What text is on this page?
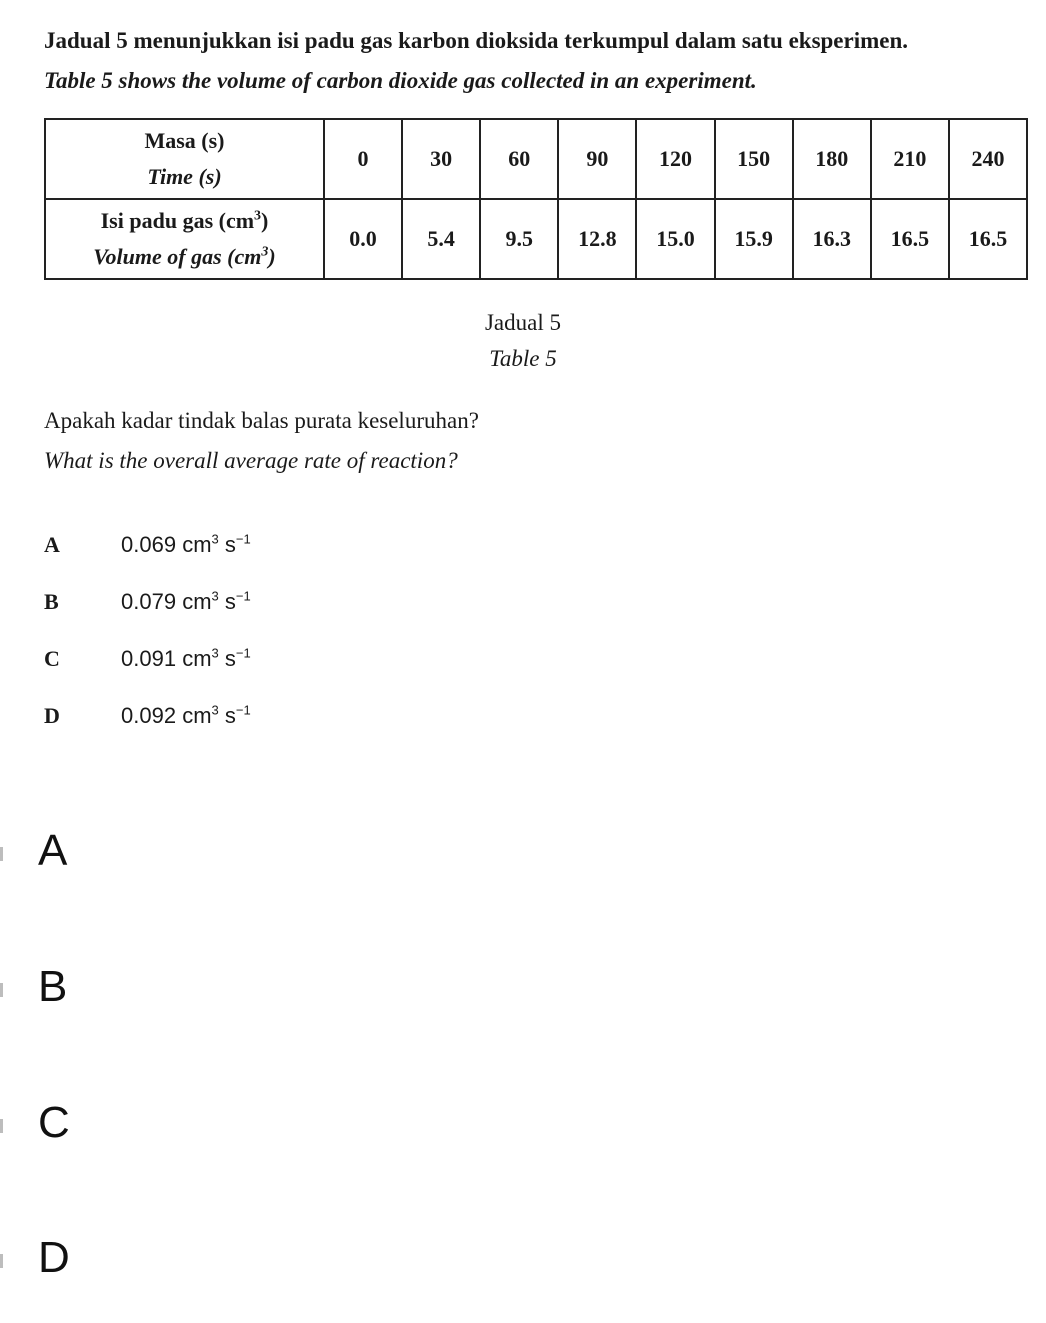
Jadual 5 menunjukkan isi padu gas karbon dioksida terkumpul dalam satu eksperimen.
Table 5 shows the volume of carbon dioxide gas collected in an experiment.
Masa (s)
Time (s)	0	30	60	90	120	150	180	210	240
Isi padu gas $(cm^3)$
Volume of gas $(cm^3)$	0.0	5.4	9.5	12.8	15.0	15.9	16.3	16.5	16.5
Jadual 5
Table 5
Apakah kadar tindak balas purata keseluruhan?
What is the overall average rate of reaction?
A	0.069 $cm^3$ $s^{-1}$
B	0.079 $cm^3$ $s^{-1}$
C	0.091 $cm^3$ $s^{-1}$
D	0.092 $cm^3$ $s^{-1}$
A
B
C
D
